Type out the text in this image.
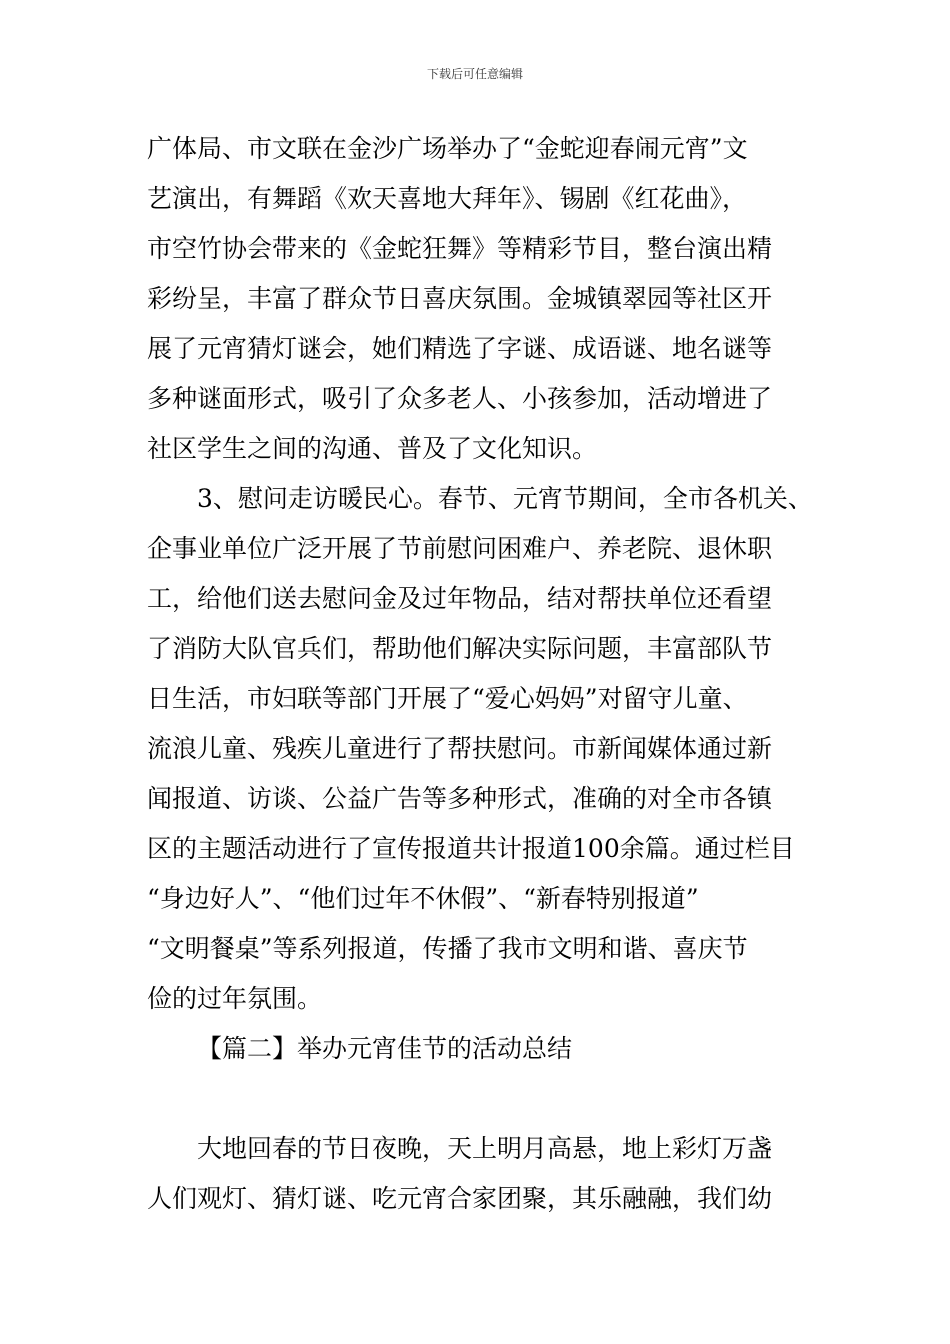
下载后可任意编辑
广体局、市文联在金沙广场举办了“金蛇迎春闹元宵”文
艺演出，有舞蹈《欢天喜地大拜年》、锡剧《红花曲》，
市空竹协会带来的《金蛇狂舞》等精彩节目，整台演出精
彩纷呈，丰富了群众节日喜庆氛围。金城镇翠园等社区开
展了元宵猜灯谜会，她们精选了字谜、成语谜、地名谜等
多种谜面形式，吸引了众多老人、小孩参加，活动增进了
社区学生之间的沟通、普及了文化知识。
3、慰问走访暖民心。春节、元宵节期间，全市各机关、
企事业单位广泛开展了节前慰问困难户、养老院、退休职
工，给他们送去慰问金及过年物品，结对帮扶单位还看望
了消防大队官兵们，帮助他们解决实际问题，丰富部队节
日生活，市妇联等部门开展了“爱心妈妈”对留守儿童、
流浪儿童、残疾儿童进行了帮扶慰问。市新闻媒体通过新
闻报道、访谈、公益广告等多种形式，准确的对全市各镇
区的主题活动进行了宣传报道共计报道100余篇。通过栏目
“身边好人”、“他们过年不休假”、“新春特别报道”
“文明餐桌”等系列报道，传播了我市文明和谐、喜庆节
俭的过年氛围。
【篇二】举办元宵佳节的活动总结
大地回春的节日夜晚，天上明月高悬，地上彩灯万盏
人们观灯、猜灯谜、吃元宵合家团聚，其乐融融，我们幼
